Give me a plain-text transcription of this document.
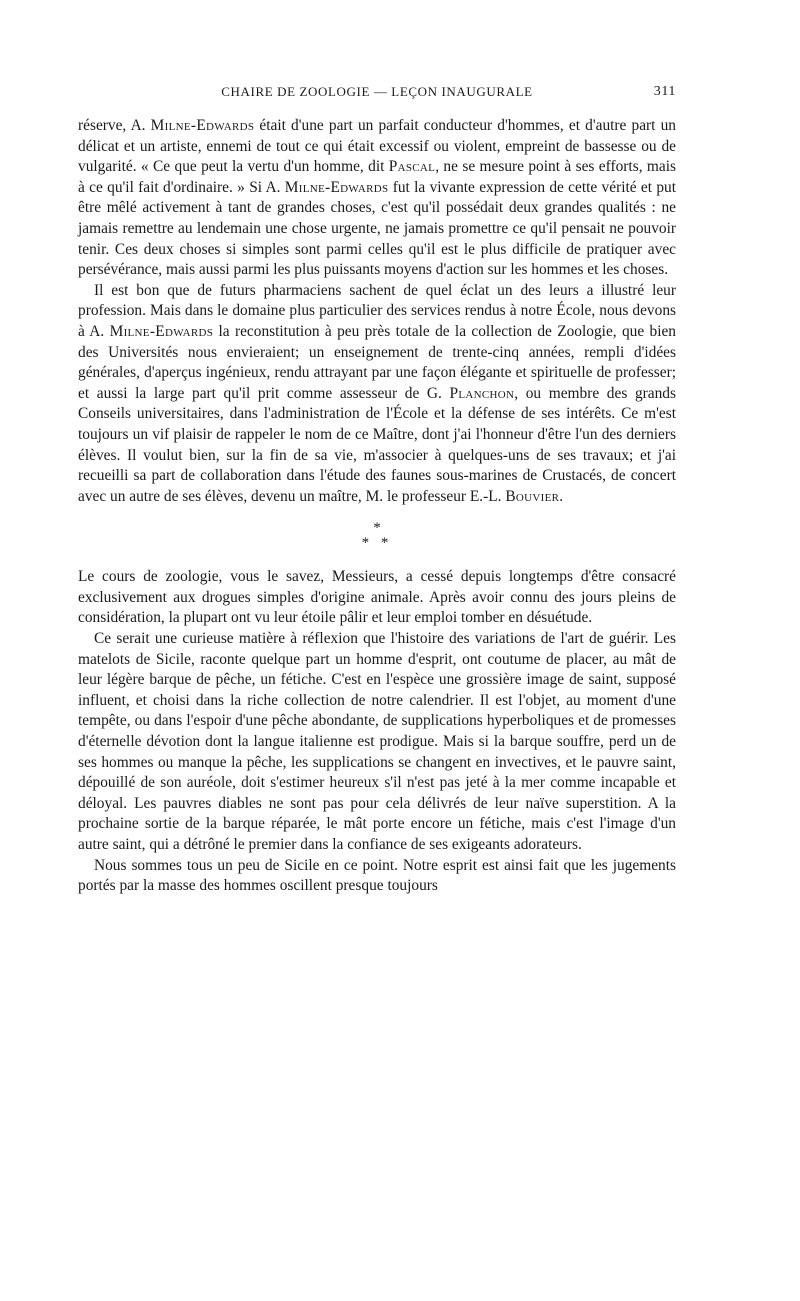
CHAIRE DE ZOOLOGIE — LEÇON INAUGURALE	311

réserve, A. Milne-Edwards était d'une part un parfait conducteur d'hommes, et d'autre part un délicat et un artiste, ennemi de tout ce qui était excessif ou violent, empreint de bassesse ou de vulgarité. « Ce que peut la vertu d'un homme, dit Pascal, ne se mesure point à ses efforts, mais à ce qu'il fait d'ordinaire. » Si A. Milne-Edwards fut la vivante expression de cette vérité et put être mêlé activement à tant de grandes choses, c'est qu'il possédait deux grandes qualités : ne jamais remettre au lendemain une chose urgente, ne jamais promettre ce qu'il pensait ne pouvoir tenir. Ces deux choses si simples sont parmi celles qu'il est le plus difficile de pratiquer avec persévérance, mais aussi parmi les plus puissants moyens d'action sur les hommes et les choses.

Il est bon que de futurs pharmaciens sachent de quel éclat un des leurs a illustré leur profession. Mais dans le domaine plus particulier des services rendus à notre École, nous devons à A. Milne-Edwards la reconstitution à peu près totale de la collection de Zoologie, que bien des Universités nous envieraient; un enseignement de trente-cinq années, rempli d'idées générales, d'aperçus ingénieux, rendu attrayant par une façon élégante et spirituelle de professer; et aussi la large part qu'il prit comme assesseur de G. Planchon, ou membre des grands Conseils universitaires, dans l'administration de l'École et la défense de ses intérêts. Ce m'est toujours un vif plaisir de rappeler le nom de ce Maître, dont j'ai l'honneur d'être l'un des derniers élèves. Il voulut bien, sur la fin de sa vie, m'associer à quelques-uns de ses travaux; et j'ai recueilli sa part de collaboration dans l'étude des faunes sous-marines de Crustacés, de concert avec un autre de ses élèves, devenu un maître, M. le professeur E.-L. Bouvier.

*
* *

Le cours de zoologie, vous le savez, Messieurs, a cessé depuis longtemps d'être consacré exclusivement aux drogues simples d'origine animale. Après avoir connu des jours pleins de considération, la plupart ont vu leur étoile pâlir et leur emploi tomber en désuétude.

Ce serait une curieuse matière à réflexion que l'histoire des variations de l'art de guérir. Les matelots de Sicile, raconte quelque part un homme d'esprit, ont coutume de placer, au mât de leur légère barque de pêche, un fétiche. C'est en l'espèce une grossière image de saint, supposé influent, et choisi dans la riche collection de notre calendrier. Il est l'objet, au moment d'une tempête, ou dans l'espoir d'une pêche abondante, de supplications hyperboliques et de promesses d'éternelle dévotion dont la langue italienne est prodigue. Mais si la barque souffre, perd un de ses hommes ou manque la pêche, les supplications se changent en invectives, et le pauvre saint, dépouillé de son auréole, doit s'estimer heureux s'il n'est pas jeté à la mer comme incapable et déloyal. Les pauvres diables ne sont pas pour cela délivrés de leur naïve superstition. A la prochaine sortie de la barque réparée, le mât porte encore un fétiche, mais c'est l'image d'un autre saint, qui a détrôné le premier dans la confiance de ses exigeants adorateurs.

Nous sommes tous un peu de Sicile en ce point. Notre esprit est ainsi fait que les jugements portés par la masse des hommes oscillent presque toujours
